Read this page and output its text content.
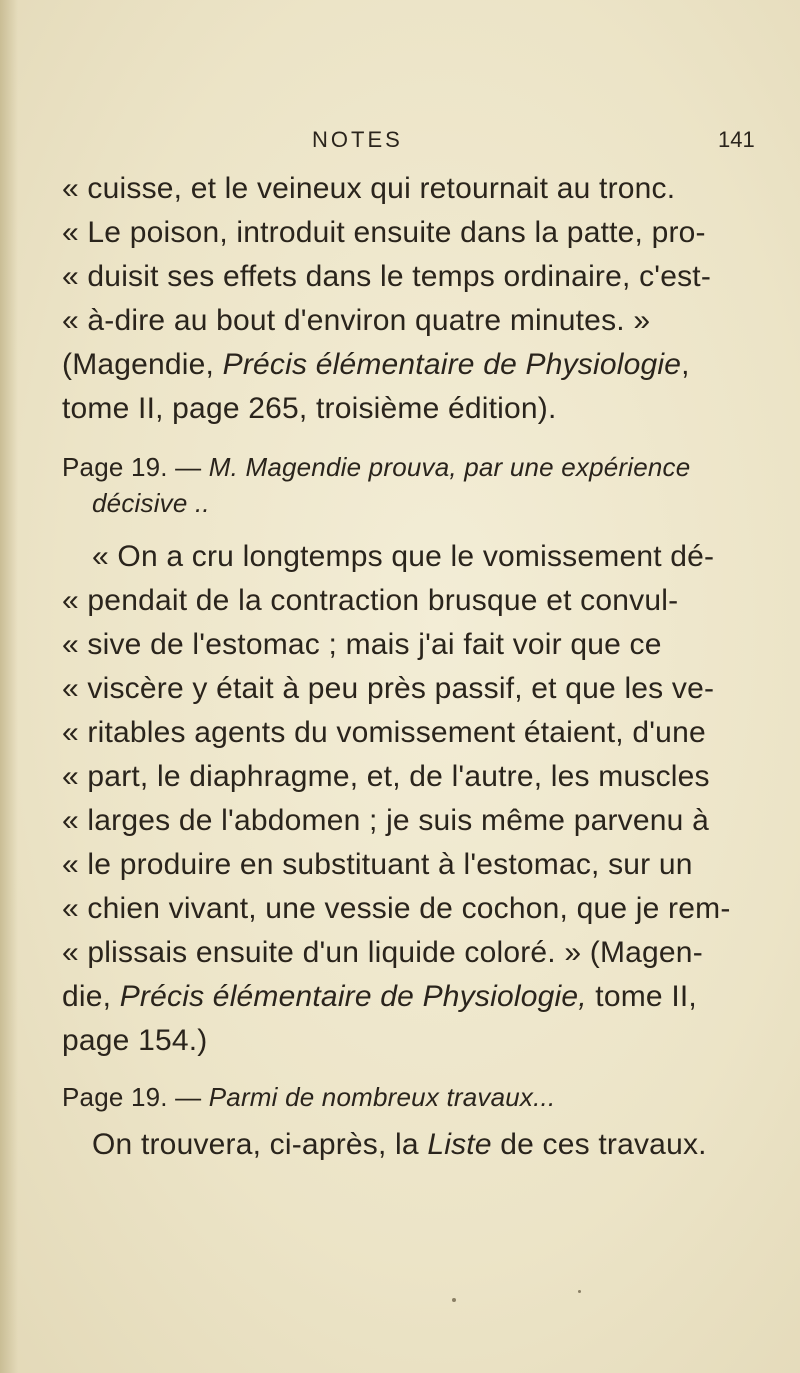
NOTES	141
« cuisse, et le veineux qui retournait au tronc.
« Le poison, introduit ensuite dans la patte, pro-
« duisit ses effets dans le temps ordinaire, c'est-
« à-dire au bout d'environ quatre minutes. »
(Magendie, Précis élémentaire de Physiologie,
tome II, page 265, troisième édition).
Page 19. — M. Magendie prouva, par une expérience
décisive ..
« On a cru longtemps que le vomissement dé-
« pendait de la contraction brusque et convul-
« sive de l'estomac ; mais j'ai fait voir que ce
« viscère y était à peu près passif, et que les ve-
« ritables agents du vomissement étaient, d'une
« part, le diaphragme, et, de l'autre, les muscles
« larges de l'abdomen ; je suis même parvenu à
« le produire en substituant à l'estomac, sur un
« chien vivant, une vessie de cochon, que je rem-
« plissais ensuite d'un liquide coloré. » (Magen-
die, Précis élémentaire de Physiologie, tome II,
page 154.)
Page 19. — Parmi de nombreux travaux...
On trouvera, ci-après, la Liste de ces travaux.
